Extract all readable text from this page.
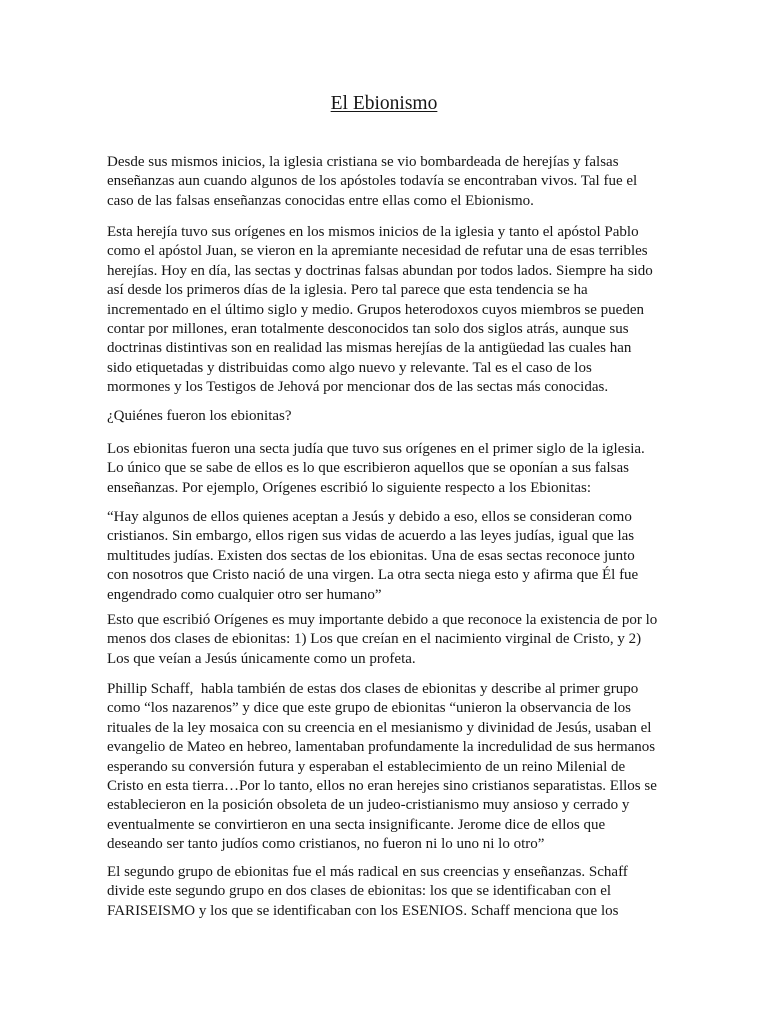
El Ebionismo
Desde sus mismos inicios, la iglesia cristiana se vio bombardeada de herejías y falsas
enseñanzas aun cuando algunos de los apóstoles todavía se encontraban vivos. Tal fue el
caso de las falsas enseñanzas conocidas entre ellas como el Ebionismo.
Esta herejía tuvo sus orígenes en los mismos inicios de la iglesia y tanto el apóstol Pablo
como el apóstol Juan, se vieron en la apremiante necesidad de refutar una de esas terribles
herejías. Hoy en día, las sectas y doctrinas falsas abundan por todos lados. Siempre ha sido
así desde los primeros días de la iglesia. Pero tal parece que esta tendencia se ha
incrementado en el último siglo y medio. Grupos heterodoxos cuyos miembros se pueden
contar por millones, eran totalmente desconocidos tan solo dos siglos atrás, aunque sus
doctrinas distintivas son en realidad las mismas herejías de la antigüedad las cuales han
sido etiquetadas y distribuidas como algo nuevo y relevante. Tal es el caso de los
mormones y los Testigos de Jehová por mencionar dos de las sectas más conocidas.
¿Quiénes fueron los ebionitas?
Los ebionitas fueron una secta judía que tuvo sus orígenes en el primer siglo de la iglesia.
Lo único que se sabe de ellos es lo que escribieron aquellos que se oponían a sus falsas
enseñanzas. Por ejemplo, Orígenes escribió lo siguiente respecto a los Ebionitas:
“Hay algunos de ellos quienes aceptan a Jesús y debido a eso, ellos se consideran como
cristianos. Sin embargo, ellos rigen sus vidas de acuerdo a las leyes judías, igual que las
multitudes judías. Existen dos sectas de los ebionitas. Una de esas sectas reconoce junto
con nosotros que Cristo nació de una virgen. La otra secta niega esto y afirma que Él fue
engendrado como cualquier otro ser humano”
Esto que escribió Orígenes es muy importante debido a que reconoce la existencia de por lo
menos dos clases de ebionitas: 1) Los que creían en el nacimiento virginal de Cristo, y 2)
Los que veían a Jesús únicamente como un profeta.
Phillip Schaff,  habla también de estas dos clases de ebionitas y describe al primer grupo
como “los nazarenos” y dice que este grupo de ebionitas “unieron la observancia de los
rituales de la ley mosaica con su creencia en el mesianismo y divinidad de Jesús, usaban el
evangelio de Mateo en hebreo, lamentaban profundamente la incredulidad de sus hermanos
esperando su conversión futura y esperaban el establecimiento de un reino Milenial de
Cristo en esta tierra…Por lo tanto, ellos no eran herejes sino cristianos separatistas. Ellos se
establecieron en la posición obsoleta de un judeo-cristianismo muy ansioso y cerrado y
eventualmente se convirtieron en una secta insignificante. Jerome dice de ellos que
deseando ser tanto judíos como cristianos, no fueron ni lo uno ni lo otro”
El segundo grupo de ebionitas fue el más radical en sus creencias y enseñanzas. Schaff
divide este segundo grupo en dos clases de ebionitas: los que se identificaban con el
FARISEISMO y los que se identificaban con los ESENIOS. Schaff menciona que los
